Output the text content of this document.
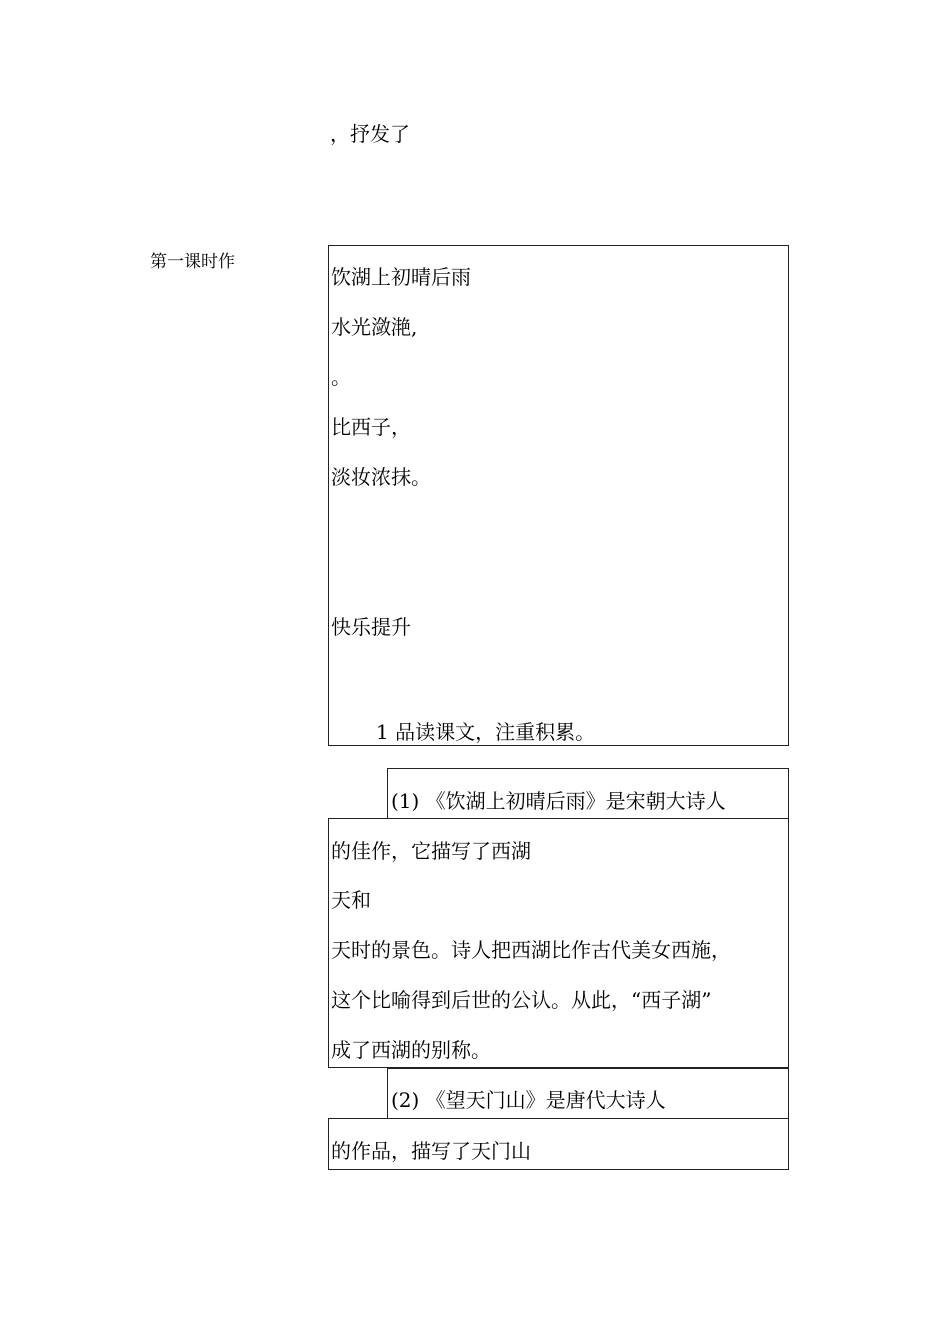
，抒发了
第一课时作
饮湖上初晴后雨
水光潋滟,
。
比西子，
淡妆浓抹。
快乐提升
1 品读课文，注重积累。
(1) 《饮湖上初晴后雨》是宋朝大诗人
的佳作，它描写了西湖
天和
天时的景色。诗人把西湖比作古代美女西施，
这个比喻得到后世的公认。从此，“西子湖”
成了西湖的别称。
(2) 《望天门山》是唐代大诗人
的作品，描写了天门山
